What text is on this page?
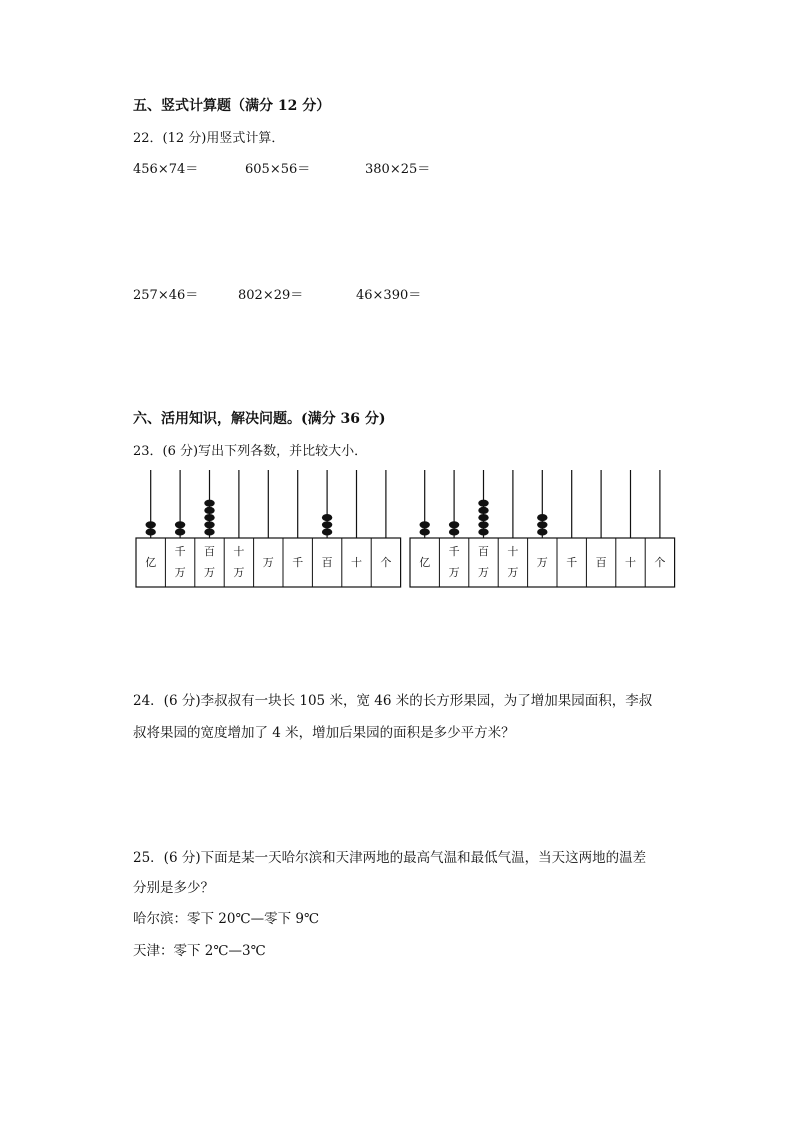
五、竖式计算题（满分 12 分）
22．(12 分)用竖式计算．
456×74＝	605×56＝	380×25＝
257×46＝	802×29＝	46×390＝
六、活用知识，解决问题。(满分 36 分)
23．(6 分)写出下列各数，并比较大小．
亿
千
万
百
万
十
万
万 千 百 十 个	亿
千
万
百
万
十
万
万 千 百 十 个
24．(6 分)李叔叔有一块长 105 米，宽 46 米的长方形果园，为了增加果园面积，李叔
叔将果园的宽度增加了 4 米，增加后果园的面积是多少平方米？
25．(6 分)下面是某一天哈尔滨和天津两地的最高气温和最低气温，当天这两地的温差
分别是多少？
哈尔滨：零下 20℃—零下 9℃
天津：零下 2℃—3℃
